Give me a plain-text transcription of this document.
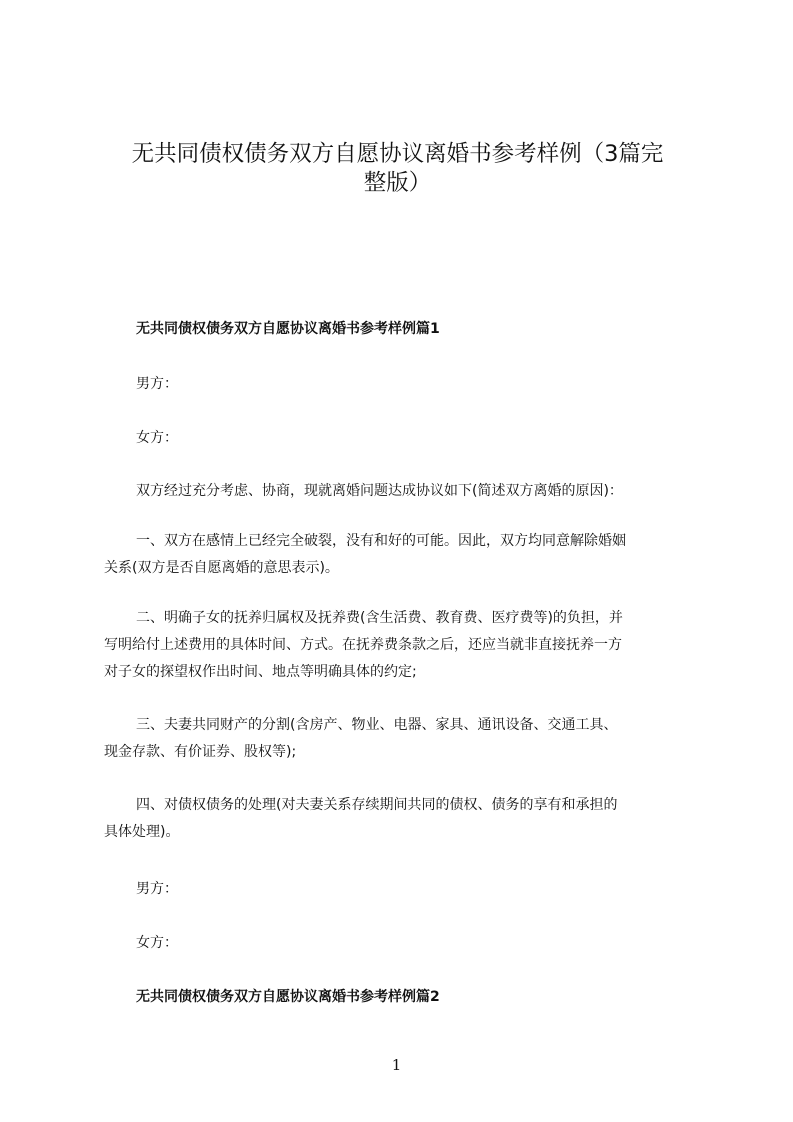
无共同债权债务双方自愿协议离婚书参考样例（3篇完
整版）
无共同债权债务双方自愿协议离婚书参考样例篇1
男方：
女方：
双方经过充分考虑、协商，现就离婚问题达成协议如下(简述双方离婚的原因)：
一、双方在感情上已经完全破裂，没有和好的可能。因此，双方均同意解除婚姻
关系(双方是否自愿离婚的意思表示)。
二、明确子女的抚养归属权及抚养费(含生活费、教育费、医疗费等)的负担，并
写明给付上述费用的具体时间、方式。在抚养费条款之后，还应当就非直接抚养一方
对子女的探望权作出时间、地点等明确具体的约定;
三、夫妻共同财产的分割(含房产、物业、电器、家具、通讯设备、交通工具、
现金存款、有价证券、股权等);
四、对债权债务的处理(对夫妻关系存续期间共同的债权、债务的享有和承担的
具体处理)。
男方：
女方：
无共同债权债务双方自愿协议离婚书参考样例篇2
1
